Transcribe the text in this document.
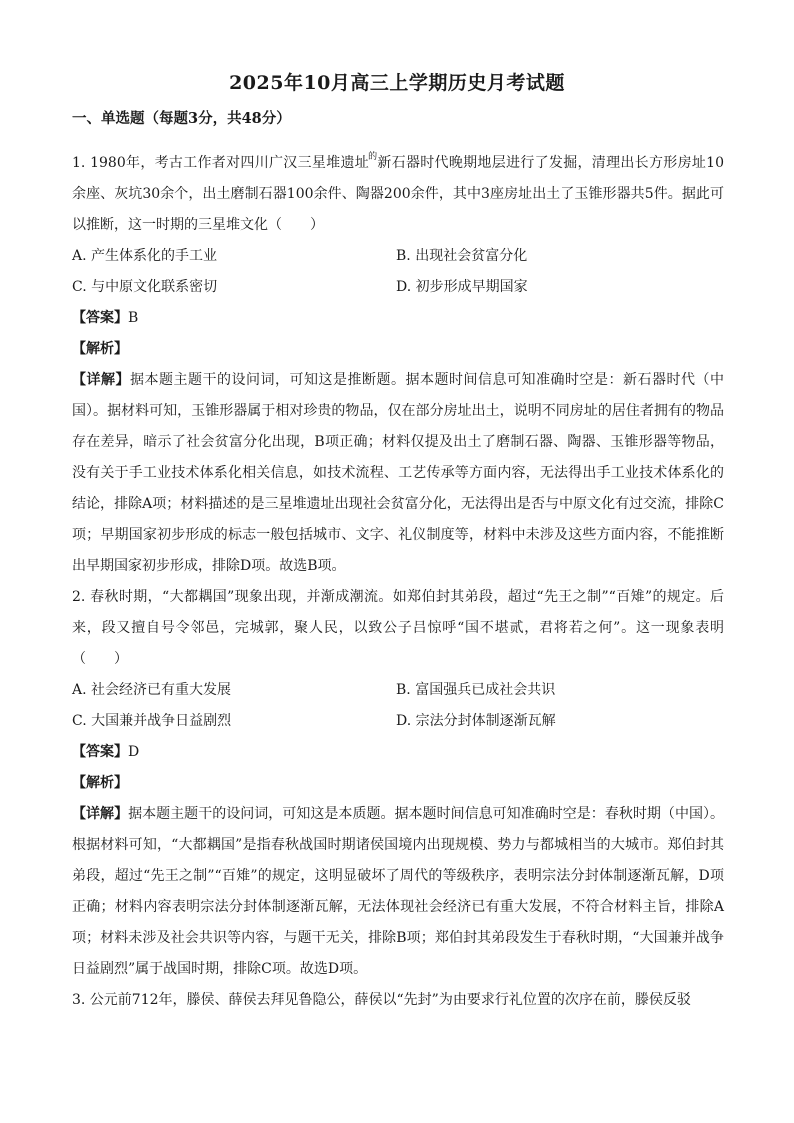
2025年10月高三上学期历史月考试题
一、单选题（每题3分，共48分）

1. 1980年，考古工作者对四川广汉三星堆遗址$^的$新石器时代晚期地层进行了发掘，清理出长方形房址10余座、灰坑30余个，出土磨制石器100余件、陶器200余件，其中3座房址出土了玉锥形器共5件。据此可以推断，这一时期的三星堆文化（　　）

A. 产生体系化的手工业	B. 出现社会贫富分化
C. 与中原文化联系密切	D. 初步形成早期国家

【答案】B

【解析】

【详解】据本题主题干的设问词，可知这是推断题。据本题时间信息可知准确时空是：新石器时代（中国）。据材料可知，玉锥形器属于相对珍贵的物品，仅在部分房址出土，说明不同房址的居住者拥有的物品存在差异，暗示了社会贫富分化出现，B项正确；材料仅提及出土了磨制石器、陶器、玉锥形器等物品，没有关于手工业技术体系化相关信息，如技术流程、工艺传承等方面内容，无法得出手工业技术体系化的结论，排除A项；材料描述的是三星堆遗址出现社会贫富分化，无法得出是否与中原文化有过交流，排除C项；早期国家初步形成的标志一般包括城市、文字、礼仪制度等，材料中未涉及这些方面内容，不能推断出早期国家初步形成，排除D项。故选B项。

2. 春秋时期，“大都耦国”现象出现，并渐成潮流。如郑伯封其弟段，超过“先王之制”“百雉”的规定。后来，段又擅自号令邻邑，完城郭，聚人民，以致公子吕惊呼“国不堪贰，君将若之何”。这一现象表明（　　）

A. 社会经济已有重大发展	B. 富国强兵已成社会共识
C. 大国兼并战争日益剧烈	D. 宗法分封体制逐渐瓦解

【答案】D

【解析】

【详解】据本题主题干的设问词，可知这是本质题。据本题时间信息可知准确时空是：春秋时期（中国）。根据材料可知，“大都耦国”是指春秋战国时期诸侯国境内出现规模、势力与都城相当的大城市。郑伯封其弟段，超过“先王之制”“百雉”的规定，这明显破坏了周代的等级秩序，表明宗法分封体制逐渐瓦解，D项正确；材料内容表明宗法分封体制逐渐瓦解，无法体现社会经济已有重大发展，不符合材料主旨，排除A项；材料未涉及社会共识等内容，与题干无关，排除B项；郑伯封其弟段发生于春秋时期，“大国兼并战争日益剧烈”属于战国时期，排除C项。故选D项。

3. 公元前712年，滕侯、薛侯去拜见鲁隐公，薛侯以“先封”为由要求行礼位置的次序在前，滕侯反驳
